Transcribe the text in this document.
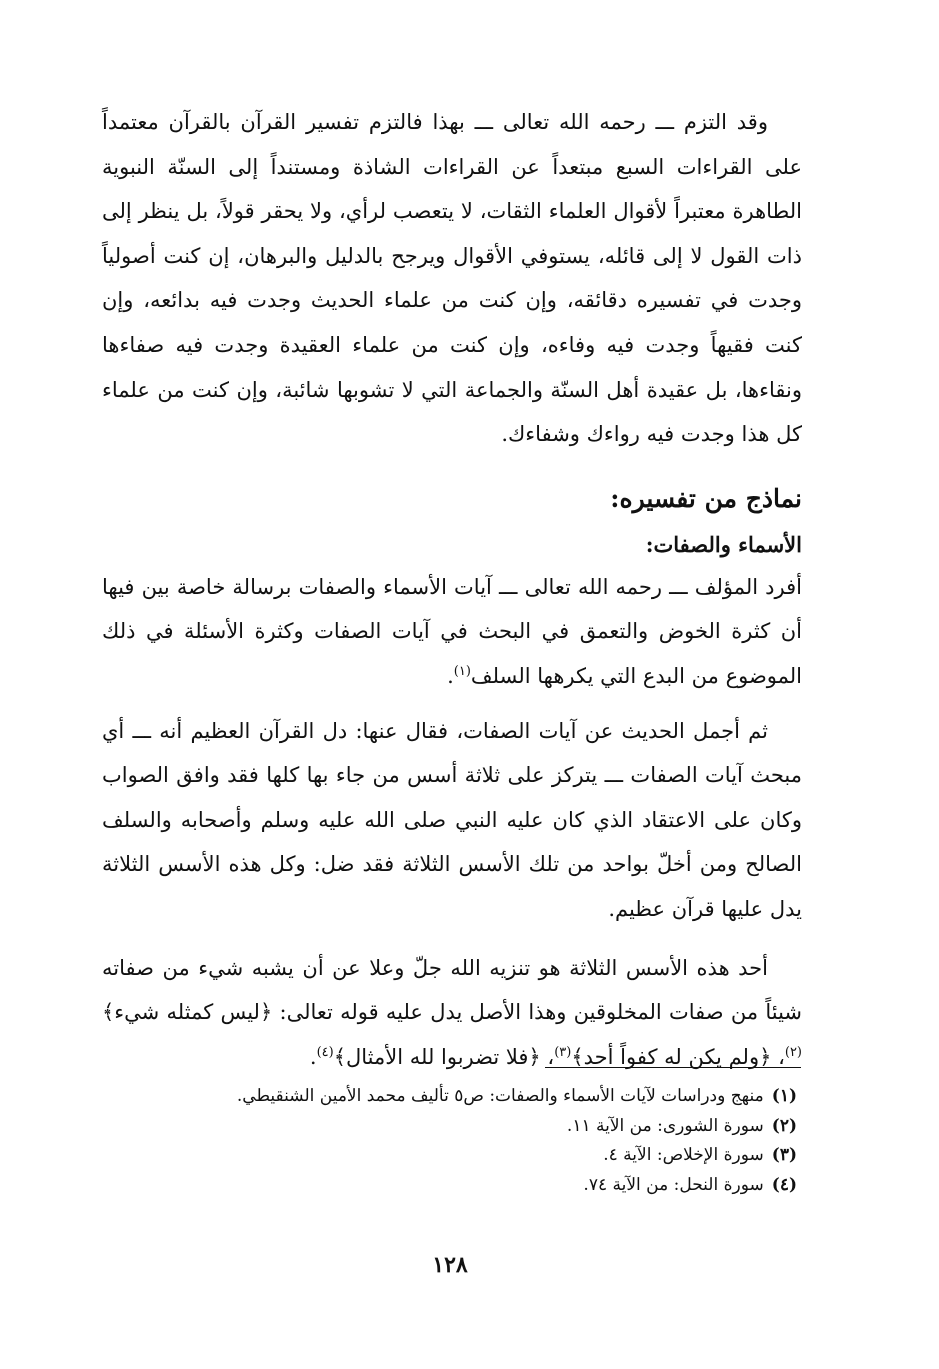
وقد التزم ـــ رحمه الله تعالى ـــ بهذا فالتزم تفسير القرآن بالقرآن معتمداً على القراءات السبع مبتعداً عن القراءات الشاذة ومستنداً إلى السنّة النبوية الطاهرة معتبراً لأقوال العلماء الثقات، لا يتعصب لرأي، ولا يحقر قولاً، بل ينظر إلى ذات القول لا إلى قائله، يستوفي الأقوال ويرجح بالدليل والبرهان، إن كنت أصولياً وجدت في تفسيره دقائقه، وإن كنت من علماء الحديث وجدت فيه بدائعه، وإن كنت فقيهاً وجدت فيه وفاءه، وإن كنت من علماء العقيدة وجدت فيه صفاءها ونقاءها، بل عقيدة أهل السنّة والجماعة التي لا تشوبها شائبة، وإن كنت من علماء كل هذا وجدت فيه رواءك وشفاءك.

نماذج من تفسيره:
الأسماء والصفات:

أفرد المؤلف ـــ رحمه الله تعالى ـــ آيات الأسماء والصفات برسالة خاصة بين فيها أن كثرة الخوض والتعمق في البحث في آيات الصفات وكثرة الأسئلة في ذلك الموضوع من البدع التي يكرهها السلف$^{(١)}$.

ثم أجمل الحديث عن آيات الصفات، فقال عنها: دل القرآن العظيم أنه ـــ أي مبحث آيات الصفات ـــ يتركز على ثلاثة أسس من جاء بها كلها فقد وافق الصواب وكان على الاعتقاد الذي كان عليه النبي صلى الله عليه وسلم وأصحابه والسلف الصالح ومن أخلّ بواحد من تلك الأسس الثلاثة فقد ضل: وكل هذه الأسس الثلاثة يدل عليها قرآن عظيم.

أحد هذه الأسس الثلاثة هو تنزيه الله جلّ وعلا عن أن يشبه شيء من صفاته شيئاً من صفات المخلوقين وهذا الأصل يدل عليه قوله تعالى: ﴿ليس كمثله شيء﴾$^{(٢)}$، ﴿ولم يكن له كفواً أحد﴾$^{(٣)}$، ﴿فلا تضربوا لله الأمثال﴾$^{(٤)}$.

(١)منهج ودراسات لآيات الأسماء والصفات: ص٥ تأليف محمد الأمين الشنقيطي.

(٢)سورة الشورى: من الآية ١١.

(٣)سورة الإخلاص: الآية ٤.

(٤)سورة النحل: من الآية ٧٤.

١٢٨
